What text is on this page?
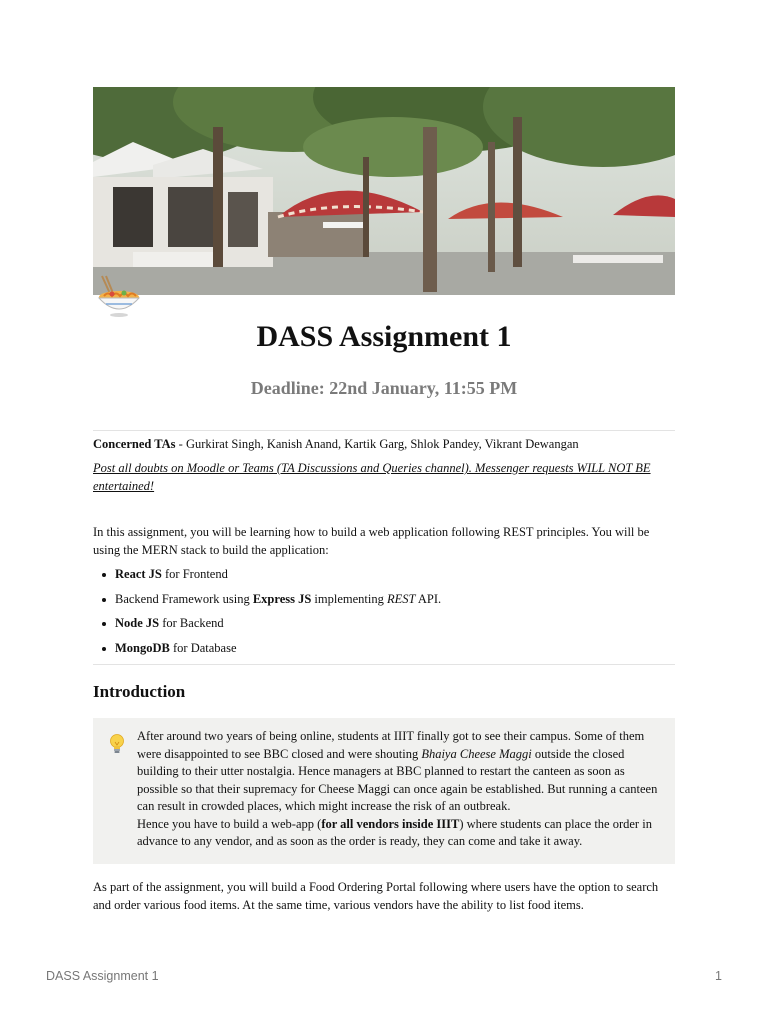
DASS Assignment 1
Deadline: 22nd January, 11:55 PM

Concerned TAs - Gurkirat Singh, Kanish Anand, Kartik Garg, Shlok Pandey, Vikrant Dewangan

Post all doubts on Moodle or Teams (TA Discussions and Queries channel). Messenger requests WILL NOT BE entertained!

In this assignment, you will be learning how to build a web application following REST principles. You will be using the MERN stack to build the application:

React JS for Frontend
Backend Framework using Express JS implementing REST API.
Node JS for Backend
MongoDB for Database
Introduction
After around two years of being online, students at IIIT finally got to see their campus. Some of them were disappointed to see BBC closed and were shouting Bhaiya Cheese Maggi outside the closed building to their utter nostalgia. Hence managers at BBC planned to restart the canteen as soon as possible so that their supremacy for Cheese Maggi can once again be established. But running a canteen can result in crowded places, which might increase the risk of an outbreak.
Hence you have to build a web-app (for all vendors inside IIIT) where students can place the order in advance to any vendor, and as soon as the order is ready, they can come and take it away.

As part of the assignment, you will build a Food Ordering Portal following where users have the option to search and order various food items. At the same time, various vendors have the ability to list food items.

DASS Assignment 1	1
